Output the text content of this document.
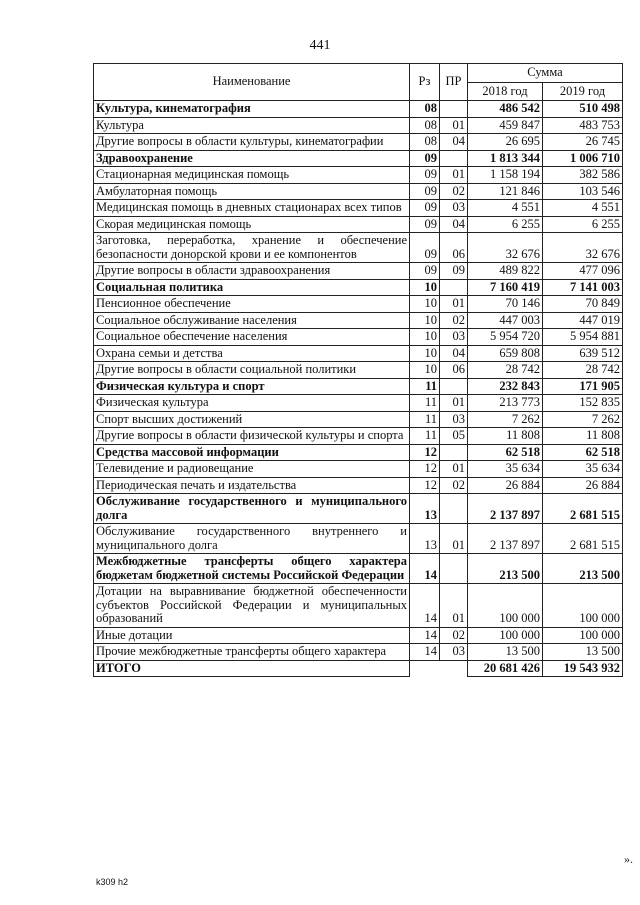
441
Наименование	Рз	ПР	Сумма	
			2018 год	2019 год
Культура, кинематография	08		486 542	510 498
Культура	08	01	459 847	483 753
Другие вопросы в области культуры, кинематографии	08	04	26 695	26 745
Здравоохранение	09		1 813 344	1 006 710
Стационарная медицинская помощь	09	01	1 158 194	382 586
Амбулаторная помощь	09	02	121 846	103 546
Медицинская помощь в дневных стационарах всех типов	09	03	4 551	4 551
Скорая медицинская помощь	09	04	6 255	6 255
Заготовка, переработка, хранение и обеспечение безопасности донорской крови и ее компонентов	09	06	32 676	32 676
Другие вопросы в области здравоохранения	09	09	489 822	477 096
Социальная политика	10		7 160 419	7 141 003
Пенсионное обеспечение	10	01	70 146	70 849
Социальное обслуживание населения	10	02	447 003	447 019
Социальное обеспечение населения	10	03	5 954 720	5 954 881
Охрана семьи и детства	10	04	659 808	639 512
Другие вопросы в области социальной политики	10	06	28 742	28 742
Физическая культура и спорт	11		232 843	171 905
Физическая культура	11	01	213 773	152 835
Спорт высших достижений	11	03	7 262	7 262
Другие вопросы в области физической культуры и спорта	11	05	11 808	11 808
Средства массовой информации	12		62 518	62 518
Телевидение и радиовещание	12	01	35 634	35 634
Периодическая печать и издательства	12	02	26 884	26 884
Обслуживание государственного и муниципального долга	13		2 137 897	2 681 515
Обслуживание государственного внутреннего и муниципального долга	13	01	2 137 897	2 681 515
Межбюджетные трансферты общего характера бюджетам бюджетной системы Российской Федерации	14		213 500	213 500
Дотации на выравнивание бюджетной обеспеченности субъектов Российской Федерации и муниципальных образований	14	01	100 000	100 000
Иные дотации	14	02	100 000	100 000
Прочие межбюджетные трансферты общего характера	14	03	13 500	13 500
ИТОГО			20 681 426	19 543 932
».
k309 h2
